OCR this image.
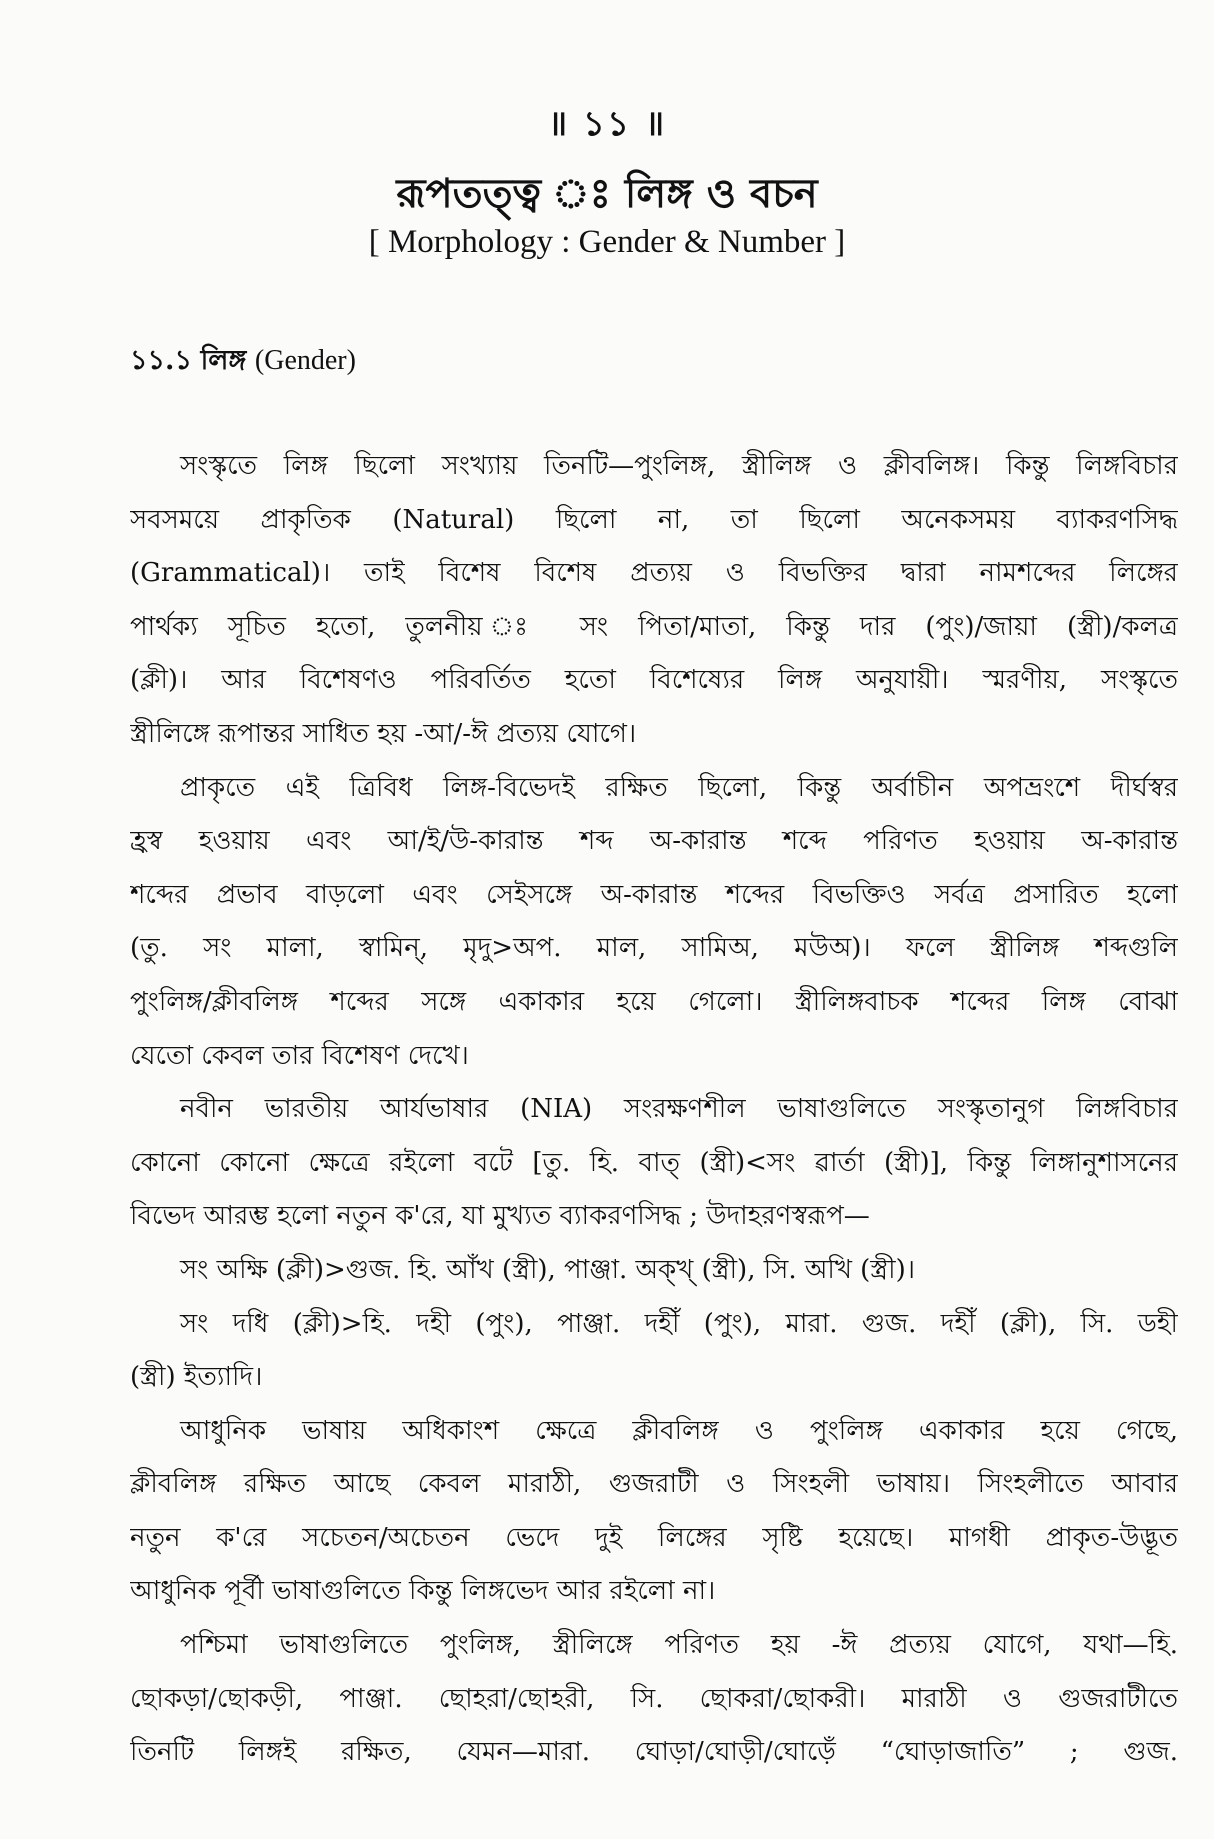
॥ ১১ ॥
রূপতত্ত্ব ঃ লিঙ্গ ও বচন
[ Morphology : Gender & Number ]
১১.১ লিঙ্গ (Gender)
সংস্কৃতে লিঙ্গ ছিলো সংখ্যায় তিনটি—পুংলিঙ্গ, স্ত্রীলিঙ্গ ও ক্লীবলিঙ্গ। কিন্তু লিঙ্গবিচার
সবসময়ে প্রাকৃতিক (Natural) ছিলো না, তা ছিলো অনেকসময় ব্যাকরণসিদ্ধ
(Grammatical)। তাই বিশেষ বিশেষ প্রত্যয় ও বিভক্তির দ্বারা নামশব্দের লিঙ্গের
পার্থক্য সূচিত হতো, তুলনীয় ঃ সং পিতা/মাতা, কিন্তু দার (পুং)/জায়া (স্ত্রী)/কলত্র
(ক্লী)। আর বিশেষণও পরিবর্তিত হতো বিশেষ্যের লিঙ্গ অনুযায়ী। স্মরণীয়, সংস্কৃতে
স্ত্রীলিঙ্গে রূপান্তর সাধিত হয় -আ/-ঈ প্রত্যয় যোগে।
প্রাকৃতে এই ত্রিবিধ লিঙ্গ-বিভেদই রক্ষিত ছিলো, কিন্তু অর্বাচীন অপভ্রংশে দীর্ঘস্বর
হ্রস্ব হওয়ায় এবং আ/ই/উ-কারান্ত শব্দ অ-কারান্ত শব্দে পরিণত হওয়ায় অ-কারান্ত
শব্দের প্রভাব বাড়লো এবং সেইসঙ্গে অ-কারান্ত শব্দের বিভক্তিও সর্বত্র প্রসারিত হলো
(তু. সং মালা, স্বামিন্, মৃদু>অপ. মাল, সামিঅ, মউঅ)। ফলে স্ত্রীলিঙ্গ শব্দগুলি
পুংলিঙ্গ/ক্লীবলিঙ্গ শব্দের সঙ্গে একাকার হয়ে গেলো। স্ত্রীলিঙ্গবাচক শব্দের লিঙ্গ বোঝা
যেতো কেবল তার বিশেষণ দেখে।
নবীন ভারতীয় আর্যভাষার (NIA) সংরক্ষণশীল ভাষাগুলিতে সংস্কৃতানুগ লিঙ্গবিচার
কোনো কোনো ক্ষেত্রে রইলো বটে [তু. হি. বাত্ (স্ত্রী)<সং ৱার্তা (স্ত্রী)], কিন্তু লিঙ্গানুশাসনের
বিভেদ আরম্ভ হলো নতুন ক'রে, যা মুখ্যত ব্যাকরণসিদ্ধ ; উদাহরণস্বরূপ—
সং অক্ষি (ক্লী)>গুজ. হি. আঁখ (স্ত্রী), পাঞ্জা. অক্খ্ (স্ত্রী), সি. অখি (স্ত্রী)।
সং দধি (ক্লী)>হি. দহী (পুং), পাঞ্জা. দহীঁ (পুং), মারা. গুজ. দহীঁ (ক্লী), সি. ডহী
(স্ত্রী) ইত্যাদি।
আধুনিক ভাষায় অধিকাংশ ক্ষেত্রে ক্লীবলিঙ্গ ও পুংলিঙ্গ একাকার হয়ে গেছে,
ক্লীবলিঙ্গ রক্ষিত আছে কেবল মারাঠী, গুজরাটী ও সিংহলী ভাষায়। সিংহলীতে আবার
নতুন ক'রে সচেতন/অচেতন ভেদে দুই লিঙ্গের সৃষ্টি হয়েছে। মাগধী প্রাকৃত-উদ্ভূত
আধুনিক পূর্বী ভাষাগুলিতে কিন্তু লিঙ্গভেদ আর রইলো না।
পশ্চিমা ভাষাগুলিতে পুংলিঙ্গ, স্ত্রীলিঙ্গে পরিণত হয় -ঈ প্রত্যয় যোগে, যথা—হি.
ছোকড়া/ছোকড়ী, পাঞ্জা. ছোহরা/ছোহরী, সি. ছোকরা/ছোকরী। মারাঠী ও গুজরাটীতে
তিনটি লিঙ্গই রক্ষিত, যেমন—মারা. ঘোড়া/ঘোড়ী/ঘোড়েঁ “ঘোড়াজাতি” ; গুজ.
